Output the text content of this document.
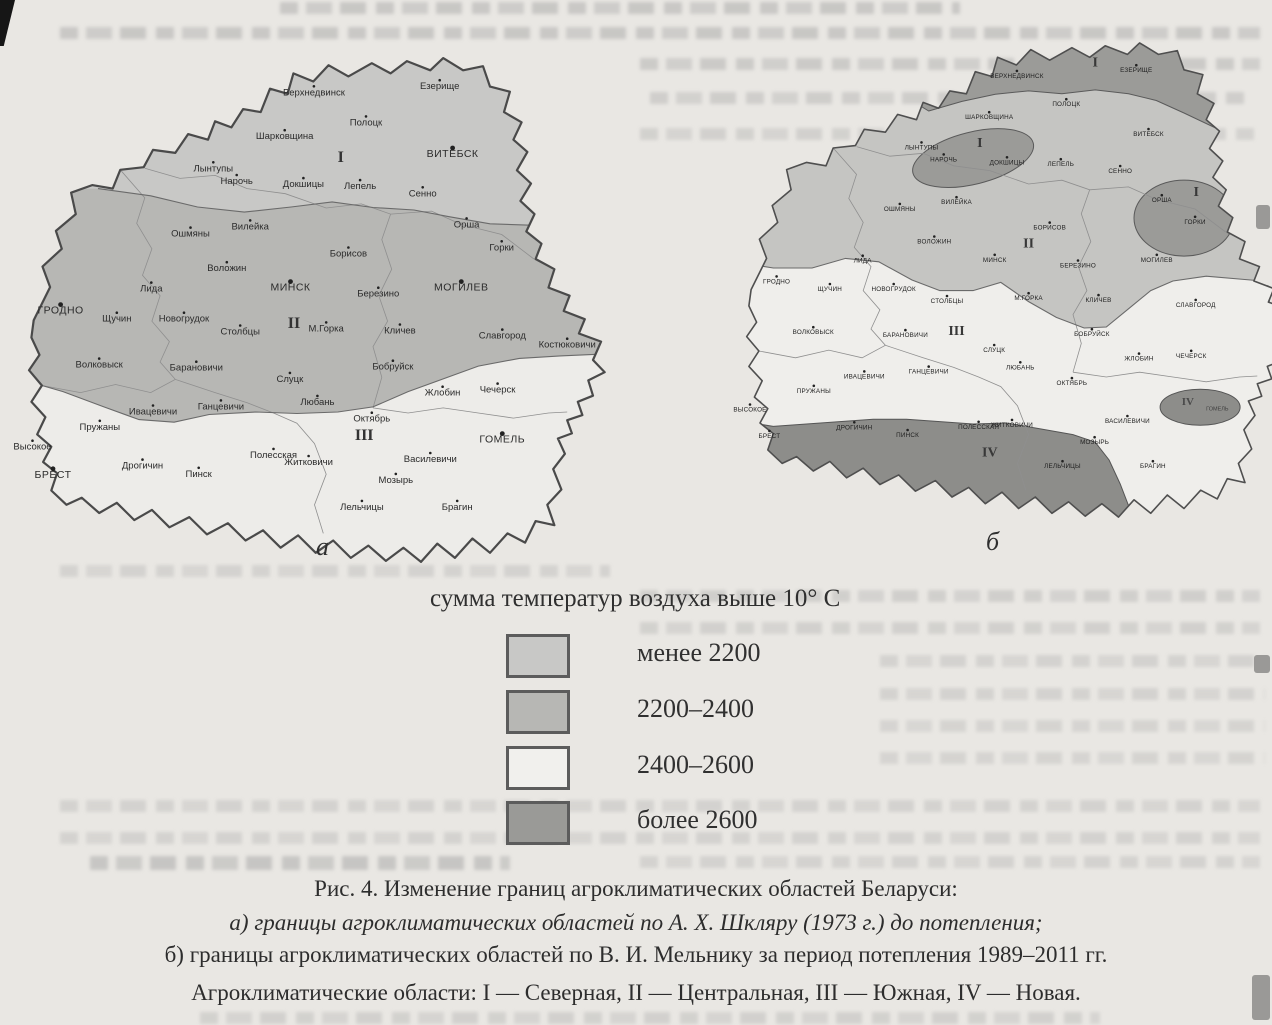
Верхнедвинск
Езерище
Полоцк
Шарковщина
ВИТЕБСК
Лынтупы
Нарочь	Докшицы Лепель
Сенно
Орша
Горки
Ошмяны
Вилейка
Борисов
Воложин
МИНСК
Березино
МОГИЛЕВ
Лида
ГРОДНО
Щучин	Новогрудок
Столбцы	М.Горка	Кличев	Славгород
Костюковичи
Волковыск	Барановичи
Слуцк
Бобруйск
Жлобин Чечерск
Ганцевичи	Любань
Ивацевичи
Пружаны
Высокое
Дрогичин
Пинск
Полесская
Житковичи
Октябрь
Мозырь
Лельчицы
Василевичи
Брагин
ГОМЕЛЬ
БРЕСТ
I
II
III
ВЕРХНЕДВИНСК
ЕЗЕРИЩЕ
ПОЛОЦК
ШАРКОВЩИНА
ВИТЕБСК
ЛЫНТУПЫ
НАРОЧЬ	ДОКШИЦЫ	ЛЕПЕЛЬ
СЕННО
ОРША
ГОРКИ
ОШМЯНЫ
ВИЛЕЙКА
БОРИСОВ
ВОЛОЖИН
МИНСК
БЕРЕЗИНО
МОГИЛЕВ
ЛИДА
ГРОДНО
ЩУЧИН	НОВОГРУДОК
СТОЛБЦЫ	М.ГОРКА	КЛИЧЕВ
СЛАВГОРОД
ВОЛКОВЫСК	БАРАНОВИЧИ
СЛУЦК
БОБРУЙСК
ЖЛОБИН	ЧЕЧЕРСК
ГАНЦЕВИЧИ
ЛЮБАНЬ
ИВАЦЕВИЧИ
ПРУЖАНЫ
ВЫСОКОЕ
ОКТЯБРЬ
ВАСИЛЕВИЧИ
БРАГИН
БРЕСТ
ДРОГИЧИН
ПИНСК
ПОЛЕССКАЯ
ЖИТКОВИЧИ
МОЗЫРЬ
ЛЕЛЬЧИЦЫ
I
I
I
II
III
IV
IV
ГОМЕЛЬ
а	б
сумма температур воздуха выше 10° С
менее 2200
2200–2400
2400–2600
более 2600
Рис. 4. Изменение границ агроклиматических областей Беларуси:
а) границы агроклиматических областей по А. Х. Шкляру (1973 г.) до потепления;
б) границы агроклиматических областей по В. И. Мельнику за период потепления 1989–2011 гг.
Агроклиматические области: I — Северная, II — Центральная, III — Южная, IV — Новая.
